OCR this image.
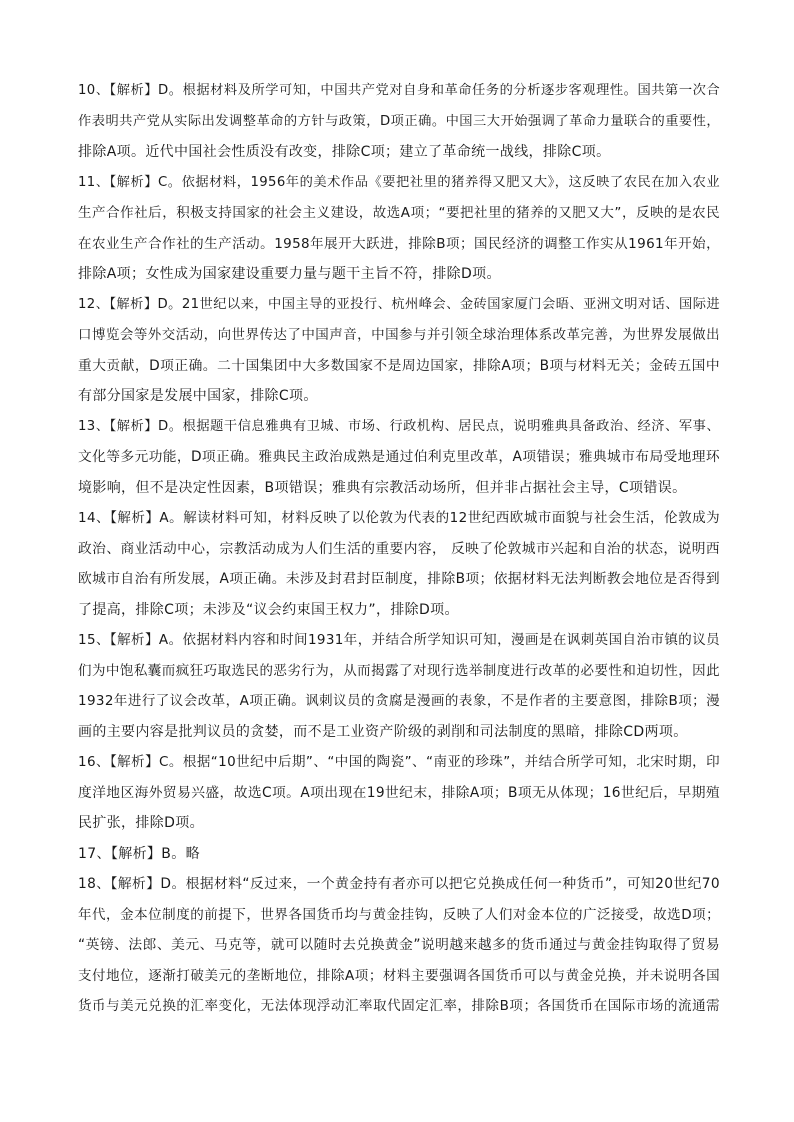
10、【解析】D。根据材料及所学可知，中国共产党对自身和革命任务的分析逐步客观理性。国共第一次合
作表明共产党从实际出发调整革命的方针与政策，D项正确。中国三大开始强调了革命力量联合的重要性，
排除A项。近代中国社会性质没有改变，排除C项；建立了革命统一战线，排除C项。
11、【解析】C。依据材料，1956年的美术作品《要把社里的猪养得又肥又大》，这反映了农民在加入农业
生产合作社后，积极支持国家的社会主义建设，故选A项；“要把社里的猪养的又肥又大”，反映的是农民
在农业生产合作社的生产活动。1958年展开大跃进，排除B项；国民经济的调整工作实从1961年开始，
排除A项；女性成为国家建设重要力量与题干主旨不符，排除D项。
12、【解析】D。21世纪以来，中国主导的亚投行、杭州峰会、金砖国家厦门会晤、亚洲文明对话、国际进
口博览会等外交活动，向世界传达了中国声音，中国参与并引领全球治理体系改革完善，为世界发展做出
重大贡献，D项正确。二十国集团中大多数国家不是周边国家，排除A项；B项与材料无关；金砖五国中
有部分国家是发展中国家，排除C项。
13、【解析】D。根据题干信息雅典有卫城、市场、行政机构、居民点，说明雅典具备政治、经济、军事、
文化等多元功能，D项正确。雅典民主政治成熟是通过伯利克里改革，A项错误；雅典城市布局受地理环
境影响，但不是决定性因素，B项错误；雅典有宗教活动场所，但并非占据社会主导，C项错误。
14、【解析】A。解读材料可知，材料反映了以伦敦为代表的12世纪西欧城市面貌与社会生活，伦敦成为
政治、商业活动中心，宗教活动成为人们生活的重要内容， 反映了伦敦城市兴起和自治的状态，说明西
欧城市自治有所发展，A项正确。未涉及封君封臣制度，排除B项；依据材料无法判断教会地位是否得到
了提高，排除C项；未涉及“议会约束国王权力”，排除D项。
15、【解析】A。依据材料内容和时间1931年，并结合所学知识可知，漫画是在讽刺英国自治市镇的议员
们为中饱私囊而疯狂巧取选民的恶劣行为，从而揭露了对现行选举制度进行改革的必要性和迫切性，因此
1932年进行了议会改革，A项正确。讽刺议员的贪腐是漫画的表象，不是作者的主要意图，排除B项；漫
画的主要内容是批判议员的贪婪，而不是工业资产阶级的剥削和司法制度的黑暗，排除CD两项。
16、【解析】C。根据“10世纪中后期”、“中国的陶瓷”、“南亚的珍珠”，并结合所学可知，北宋时期，印
度洋地区海外贸易兴盛，故选C项。A项出现在19世纪末，排除A项；B项无从体现；16世纪后，早期殖
民扩张，排除D项。
17、【解析】B。略
18、【解析】D。根据材料“反过来，一个黄金持有者亦可以把它兑换成任何一种货币”，可知20世纪70
年代，金本位制度的前提下，世界各国货币均与黄金挂钩，反映了人们对金本位的广泛接受，故选D项；
“英镑、法郎、美元、马克等，就可以随时去兑换黄金”说明越来越多的货币通过与黄金挂钩取得了贸易
支付地位，逐渐打破美元的垄断地位，排除A项；材料主要强调各国货币可以与黄金兑换，并未说明各国
货币与美元兑换的汇率变化，无法体现浮动汇率取代固定汇率，排除B项；各国货币在国际市场的流通需
